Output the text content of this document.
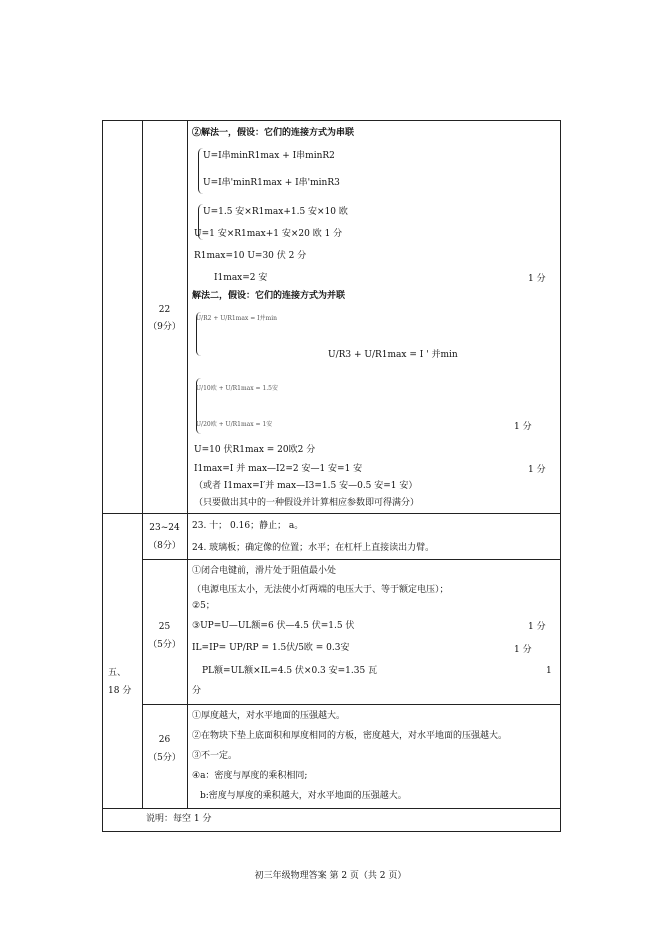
22
（9分）
②解法一，假设：它们的连接方式为串联
U=I串minR1max + I串minR2
U=I串'minR1max + I串'minR3
U=1.5 安×R1max+1.5 安×10 欧
U=1 安×R1max+1 安×20 欧 1 分
R1max=10 U=30 伏 2 分
I1max=2 安	1 分
解法二，假设：它们的连接方式为并联
U/R2 + U/R1max = I并min
U/R3 + U/R1max = I ' 并min
U/10欧 + U/R1max = 1.5安
U/20欧 + U/R1max = 1安	1 分
U=10 伏R1max = 20欧2 分
I1max=I 并 max—I2=2 安—1 安=1 安	1 分
（或者 I1max=I′并 max—I3=1.5 安—0.5 安=1 安）
（只要做出其中的一种假设并计算相应参数即可得满分）
五、
18 分
23~24
（8分）
23. 十； 0.16；静止； a。
24. 玻璃板；确定像的位置；水平；在杠杆上直接读出力臂。
25
（5分）
①闭合电键前，滑片处于阻值最小处
（电源电压太小，无法使小灯两端的电压大于、等于额定电压）；
②5；
③UP=U—UL额=6 伏—4.5 伏=1.5 伏	1 分
IL=IP= UP/RP = 1.5伏/5欧 = 0.3安	1 分
PL额=UL额×IL=4.5 伏×0.3 安=1.35 瓦	1
分
26
（5分）
①厚度越大，对水平地面的压强越大。
②在物块下垫上底面积和厚度相同的方板，密度越大，对水平地面的压强越大。
③不一定。
④a：密度与厚度的乘积相同;
b:密度与厚度的乘积越大，对水平地面的压强越大。
说明：每空 1 分
初三年级物理答案 第 2 页（共 2 页）
